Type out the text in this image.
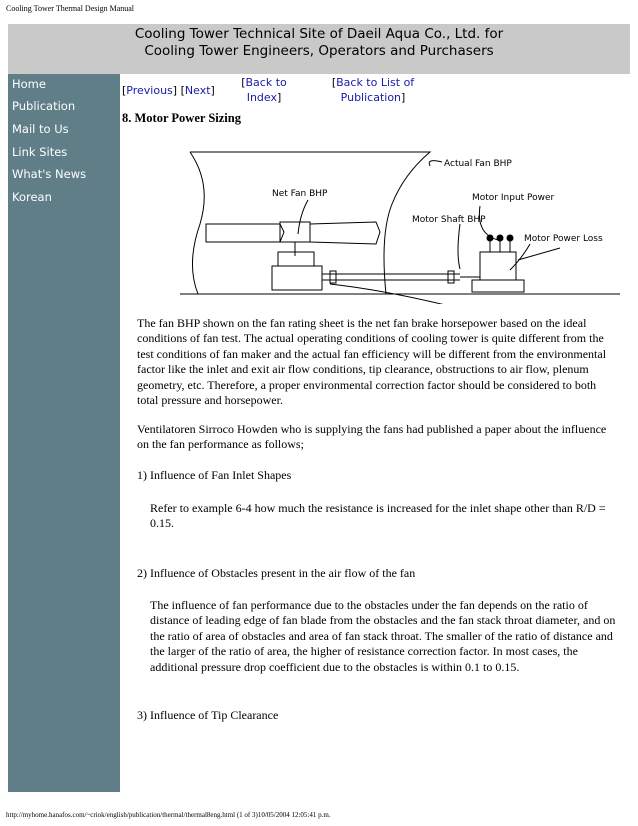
Cooling Tower Thermal Design Manual
Cooling Tower Technical Site of Daeil Aqua Co., Ltd. for
Cooling Tower Engineers, Operators and Purchasers
Home
Publication
Mail to Us
Link Sites
What's News
Korean
[Previous] [Next]
[Back to
Index]
[Back to List of
Publication]
8. Motor Power Sizing
Actual Fan BHP
Net Fan BHP	Motor Input Power
Motor Shaft BHP
Motor Power Loss
The fan BHP shown on the fan rating sheet is the net fan brake horsepower based on the ideal conditions of fan test. The actual operating conditions of cooling tower is quite different from the test conditions of fan maker and the actual fan efficiency will be different from the environmental factor like the inlet and exit air flow conditions, tip clearance, obstructions to air flow, plenum geometry, etc. Therefore, a proper environmental correction factor should be considered to both total pressure and horsepower.
Ventilatoren Sirroco Howden who is supplying the fans had published a paper about the influence on the fan performance as follows;
1) Influence of Fan Inlet Shapes
Refer to example 6-4 how much the resistance is increased for the inlet shape other than R/D = 0.15.
2) Influence of Obstacles present in the air flow of the fan
The influence of fan performance due to the obstacles under the fan depends on the ratio of distance of leading edge of fan blade from the obstacles and the fan stack throat diameter, and on the ratio of area of obstacles and area of fan stack throat. The smaller of the ratio of distance and the larger of the ratio of area, the higher of resistance correction factor. In most cases, the additional pressure drop coefficient due to the obstacles is within 0.1 to 0.15.
3) Influence of Tip Clearance
http://myhome.hanafos.com/~criok/english/publication/thermal/thermal8eng.html (1 of 3)10/05/2004 12:05:41 p.m.
